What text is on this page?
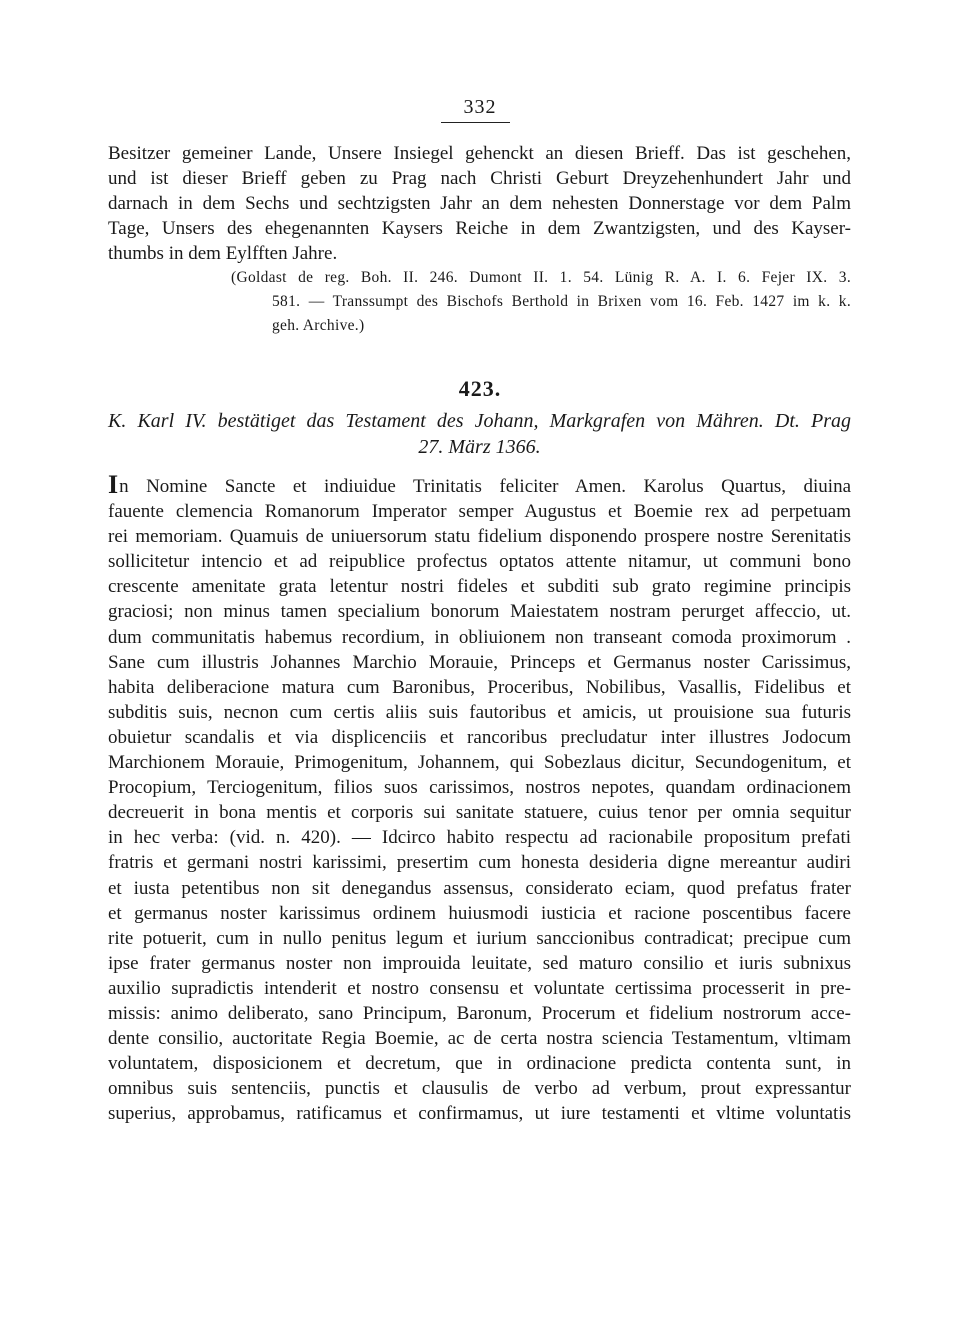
332
Besitzer gemeiner Lande, Unsere Insiegel gehenckt an diesen Brieff. Das ist geschehen,
und ist dieser Brieff geben zu Prag nach Christi Geburt Dreyzehenhundert Jahr und
darnach in dem Sechs und sechtzigsten Jahr an dem nehesten Donnerstage vor dem Palm
Tage, Unsers des ehegenannten Kaysers Reiche in dem Zwantzigsten, und des Kayser-
thumbs in dem Eylfften Jahre.
(Goldast de reg. Boh. II. 246. Dumont II. 1. 54. Lünig R. A. I. 6. Fejer IX. 3.
581. — Transsumpt des Bischofs Berthold in Brixen vom 16. Feb. 1427 im k. k.
geh. Archive.)
423.
K. Karl IV. bestätiget das Testament des Johann, Markgrafen von Mähren. Dt. Prag
27. März 1366.
In Nomine Sancte et indiuidue Trinitatis feliciter Amen. Karolus Quartus, diuina
fauente clemencia Romanorum Imperator semper Augustus et Boemie rex ad perpetuam
rei memoriam. Quamuis de uniuersorum statu fidelium disponendo prospere nostre Serenitatis
sollicitetur intencio et ad reipublice profectus optatos attente nitamur, ut communi bono
crescente amenitate grata letentur nostri fideles et subditi sub grato regimine principis
graciosi; non minus tamen specialium bonorum Maiestatem nostram perurget affeccio, ut.
dum communitatis habemus recordium, in obliuionem non transeant comoda proximorum .
Sane cum illustris Johannes Marchio Morauie, Princeps et Germanus noster Carissimus,
habita deliberacione matura cum Baronibus, Proceribus, Nobilibus, Vasallis, Fidelibus et
subditis suis, necnon cum certis aliis suis fautoribus et amicis, ut prouisione sua futuris
obuietur scandalis et via displicenciis et rancoribus precludatur inter illustres Jodocum
Marchionem Morauie, Primogenitum, Johannem, qui Sobezlaus dicitur, Secundogenitum, et
Procopium, Terciogenitum, filios suos carissimos, nostros nepotes, quandam ordinacionem
decreuerit in bona mentis et corporis sui sanitate statuere, cuius tenor per omnia sequitur
in hec verba: (vid. n. 420). — Idcirco habito respectu ad racionabile propositum prefati
fratris et germani nostri karissimi, presertim cum honesta desideria digne mereantur audiri
et iusta petentibus non sit denegandus assensus, considerato eciam, quod prefatus frater
et germanus noster karissimus ordinem huiusmodi iusticia et racione poscentibus facere
rite potuerit, cum in nullo penitus legum et iurium sanccionibus contradicat; precipue cum
ipse frater germanus noster non improuida leuitate, sed maturo consilio et iuris subnixus
auxilio supradictis intenderit et nostro consensu et voluntate certissima processerit in pre-
missis: animo deliberato, sano Principum, Baronum, Procerum et fidelium nostrorum acce-
dente consilio, auctoritate Regia Boemie, ac de certa nostra sciencia Testamentum, vltimam
voluntatem, disposicionem et decretum, que in ordinacione predicta contenta sunt, in
omnibus suis sentenciis, punctis et clausulis de verbo ad verbum, prout expressantur
superius, approbamus, ratificamus et confirmamus, ut iure testamenti et vltime voluntatis
